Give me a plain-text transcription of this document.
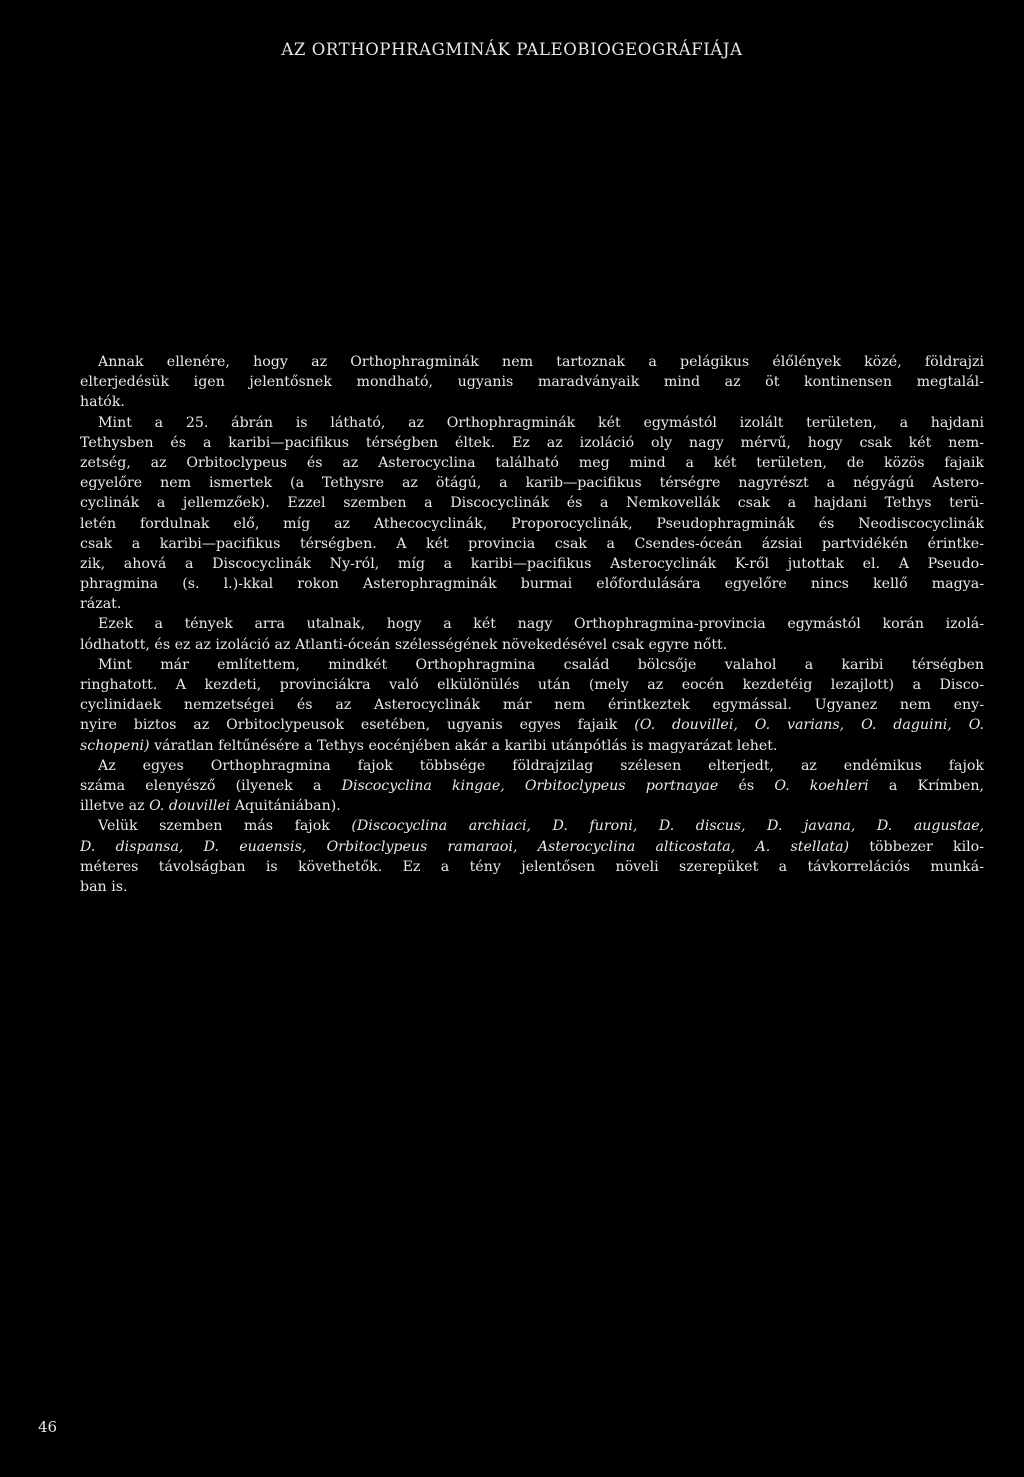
AZ ORTHOPHRAGMINÁK PALEOBIOGEOGRÁFIÁJA
Annak ellenére, hogy az Orthophragminák nem tartoznak a pelágikus élőlények közé, földrajzi
elterjedésük igen jelentősnek mondható, ugyanis maradványaik mind az öt kontinensen megtalál-
hatók.
Mint a 25. ábrán is látható, az Orthophragminák két egymástól izolált területen, a hajdani
Tethysben és a karibi—pacifikus térségben éltek. Ez az izoláció oly nagy mérvű, hogy csak két nem-
zetség, az Orbitoclypeus és az Asterocyclina található meg mind a két területen, de közös fajaik
egyelőre nem ismertek (a Tethysre az ötágú, a karib—pacifikus térségre nagyrészt a négyágú Astero-
cyclinák a jellemzőek). Ezzel szemben a Discocyclinák és a Nemkovellák csak a hajdani Tethys terü-
letén fordulnak elő, míg az Athecocyclinák, Proporocyclinák, Pseudophragminák és Neodiscocyclinák
csak a karibi—pacifikus térségben. A két provincia csak a Csendes-óceán ázsiai partvidékén érintke-
zik, ahová a Discocyclinák Ny-ról, míg a karibi—pacifikus Asterocyclinák K-ről jutottak el. A Pseudo-
phragmina (s. l.)-kkal rokon Asterophragminák burmai előfordulására egyelőre nincs kellő magya-
rázat.
Ezek a tények arra utalnak, hogy a két nagy Orthophragmina-provincia egymástól korán izolá-
lódhatott, és ez az izoláció az Atlanti-óceán szélességének növekedésével csak egyre nőtt.
Mint már említettem, mindkét Orthophragmina család bölcsője valahol a karibi térségben
ringhatott. A kezdeti, provinciákra való elkülönülés után (mely az eocén kezdetéig lezajlott) a Disco-
cyclinidaek nemzetségei és az Asterocyclinák már nem érintkeztek egymással. Ugyanez nem eny-
nyire biztos az Orbitoclypeusok esetében, ugyanis egyes fajaik (O. douvillei, O. varians, O. daguini, O.
schopeni) váratlan feltűnésére a Tethys eocénjében akár a karibi utánpótlás is magyarázat lehet.
Az egyes Orthophragmina fajok többsége földrajzilag szélesen elterjedt, az endémikus fajok
száma elenyésző (ilyenek a Discocyclina kingae, Orbitoclypeus portnayae és O. koehleri a Krímben,
illetve az O. douvillei Aquitániában).
Velük szemben más fajok (Discocyclina archiaci, D. furoni, D. discus, D. javana, D. augustae,
D. dispansa, D. euaensis, Orbitoclypeus ramaraoi, Asterocyclina alticostata, A. stellata) többezer kilo-
méteres távolságban is követhetők. Ez a tény jelentősen növeli szerepüket a távkorrelációs munká-
ban is.
46
